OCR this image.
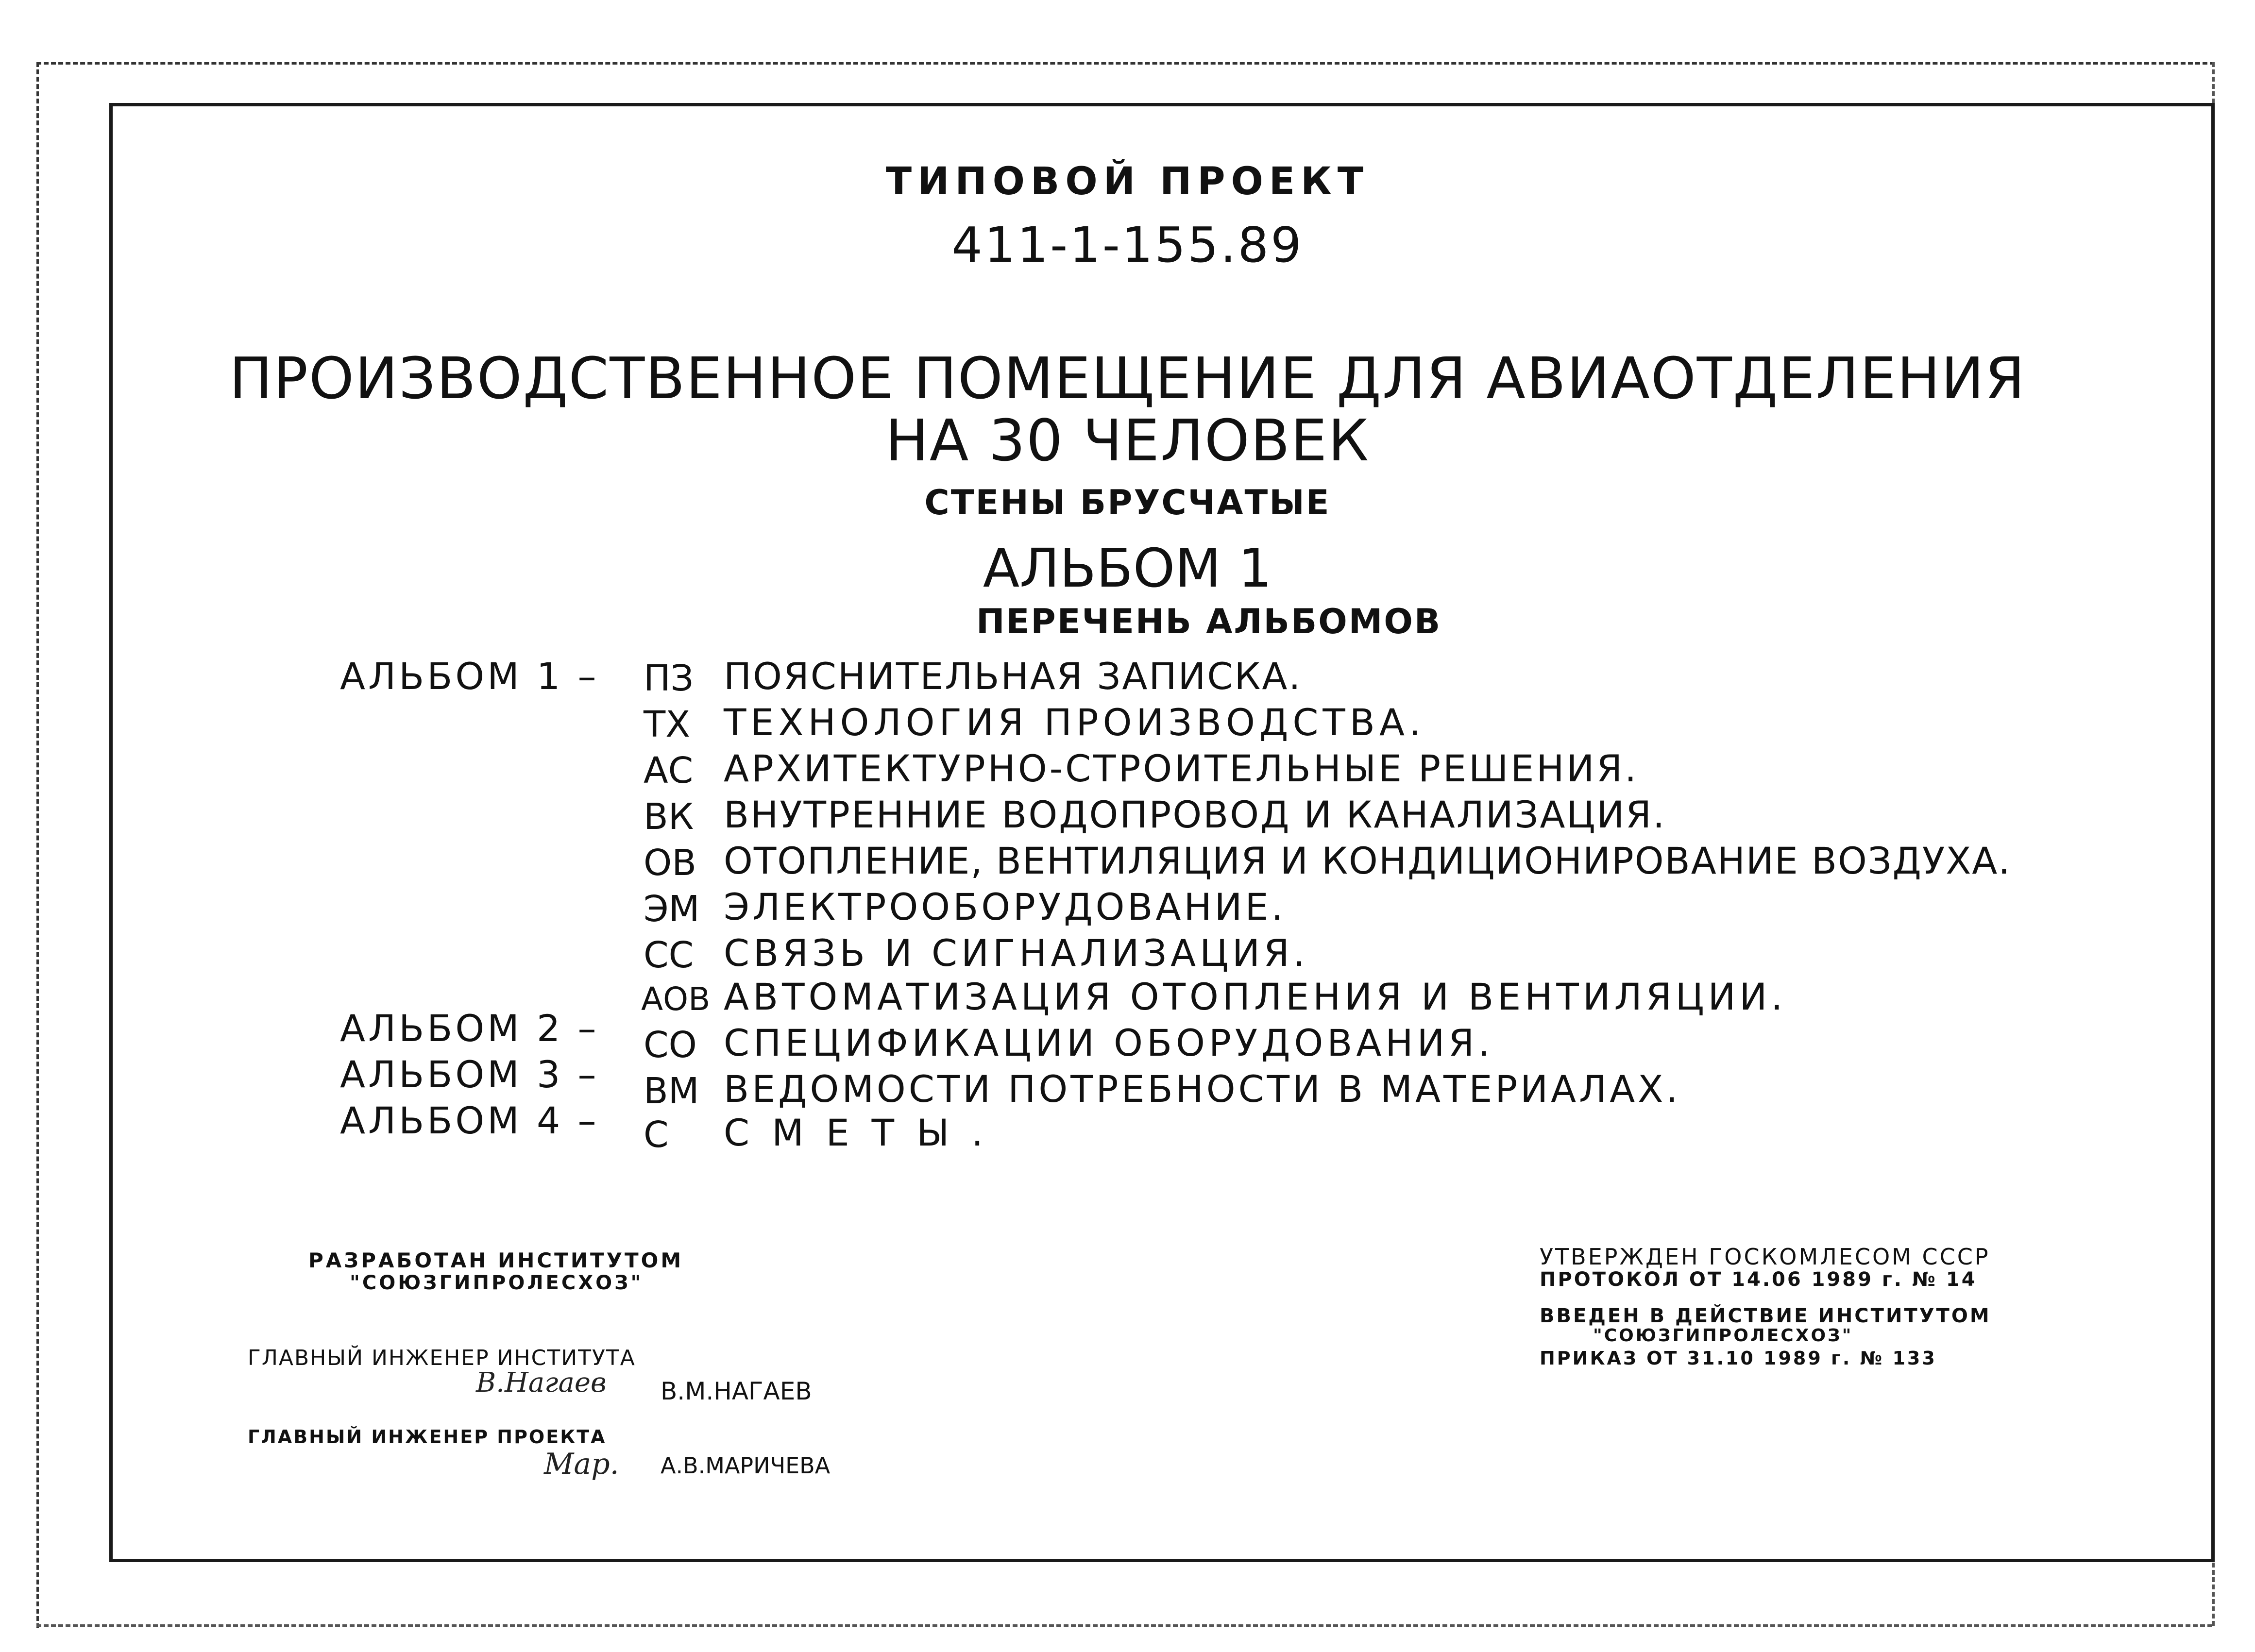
ТИПОВОЙ ПРОЕКТ
411-1-155.89
ПРОИЗВОДСТВЕННОЕ ПОМЕЩЕНИЕ ДЛЯ АВИАОТДЕЛЕНИЯ
НА 30 ЧЕЛОВЕК
СТЕНЫ БРУСЧАТЫЕ
АЛЬБОМ 1
ПЕРЕЧЕНЬ АЛЬБОМОВ
АЛЬБОМ 1 – ПЗ ПОЯСНИТЕЛЬНАЯ ЗАПИСКА.
ТХ ТЕХНОЛОГИЯ ПРОИЗВОДСТВА.
АС АРХИТЕКТУРНО-СТРОИТЕЛЬНЫЕ РЕШЕНИЯ.
ВК ВНУТРЕННИЕ ВОДОПРОВОД И КАНАЛИЗАЦИЯ.
ОВ ОТОПЛЕНИЕ, ВЕНТИЛЯЦИЯ И КОНДИЦИОНИРОВАНИЕ ВОЗДУХА.
ЭМ ЭЛЕКТРООБОРУДОВАНИЕ.
СС СВЯЗЬ И СИГНАЛИЗАЦИЯ.
АОВ АВТОМАТИЗАЦИЯ ОТОПЛЕНИЯ И ВЕНТИЛЯЦИИ.
АЛЬБОМ 2 – СО СПЕЦИФИКАЦИИ ОБОРУДОВАНИЯ.
АЛЬБОМ 3 – ВМ ВЕДОМОСТИ ПОТРЕБНОСТИ В МАТЕРИАЛАХ.
АЛЬБОМ 4 – С СМЕТЫ.
РАЗРАБОТАН ИНСТИТУТОМ
"СОЮЗГИПРОЛЕСХОЗ"
ГЛАВНЫЙ ИНЖЕНЕР ИНСТИТУТА
В.Нагаев В.М.НАГАЕВ
ГЛАВНЫЙ ИНЖЕНЕР ПРОЕКТА
Мар. А.В.МАРИЧЕВА
УТВЕРЖДЕН ГОСКОМЛЕСОМ СССР
ПРОТОКОЛ ОТ 14.06 1989 г. № 14
ВВЕДЕН В ДЕЙСТВИЕ ИНСТИТУТОМ
"СОЮЗГИПРОЛЕСХОЗ"
ПРИКАЗ ОТ 31.10 1989 г. № 133
